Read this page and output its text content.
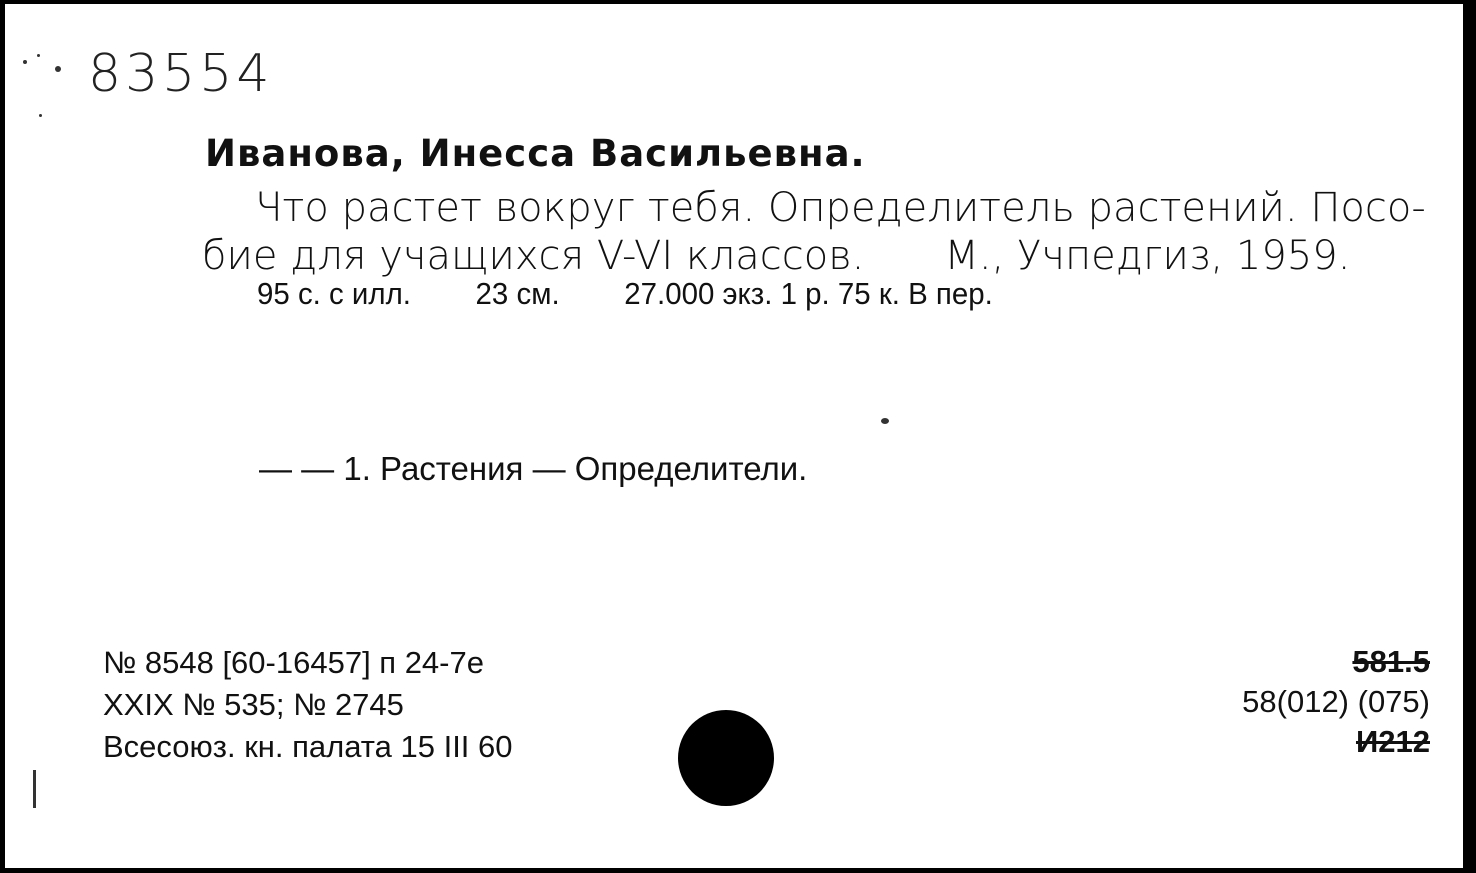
83554
Иванова, Инесса Васильевна.
Что растет вокруг тебя. Определитель растений. Посо-
бие для учащихся V-VI классов. М., Учпедгиз, 1959.
95 с. с илл. 23 см. 27.000 экз. 1 р. 75 к. В пер.
— — 1. Растения — Определители.
№ 8548 [60-16457] п 24-7е
XXIX № 535; № 2745
Всесоюз. кн. палата 15 III 60
581.5
58(012) (075)
И212
